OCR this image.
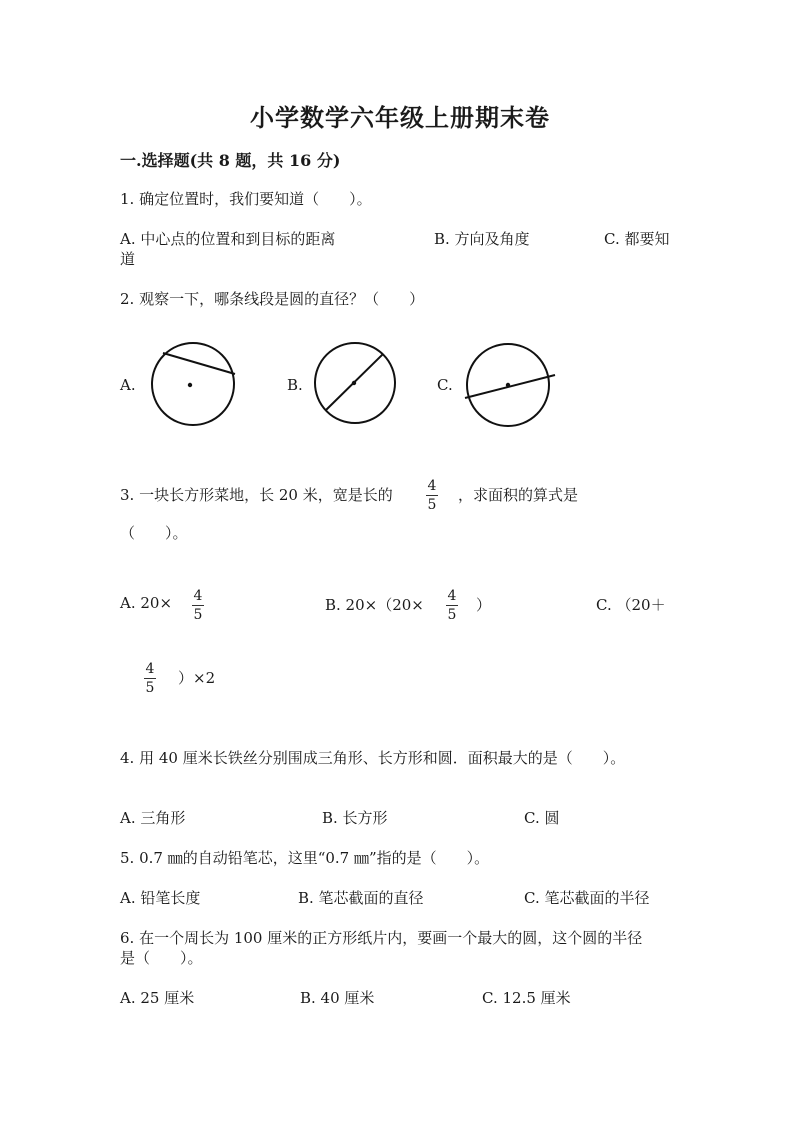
小学数学六年级上册期末卷
一.选择题(共 8 题，共 16 分)
1. 确定位置时，我们要知道（　　）。
A. 中心点的位置和到目标的距离	B. 方向及角度	C. 都要知
道
2. 观察一下，哪条线段是圆的直径？（　　）
A.	B.	C.
3. 一块长方形菜地，长 20 米，宽是长的 4
5
，求面积的算式是
（　　）。
A. 20× 4
5
B. 20×（20× 4
5
）	C. （20＋
4
5
）×2
4. 用 40 厘米长铁丝分别围成三角形、长方形和圆．面积最大的是（　　）。
A. 三角形	B. 长方形	C. 圆
5. 0.7 ㎜的自动铅笔芯，这里“0.7 ㎜”指的是（　　）。
A. 铅笔长度	B. 笔芯截面的直径	C. 笔芯截面的半径
6. 在一个周长为 100 厘米的正方形纸片内，要画一个最大的圆，这个圆的半径
是（　　）。
A. 25 厘米	B. 40 厘米	C. 12.5 厘米
